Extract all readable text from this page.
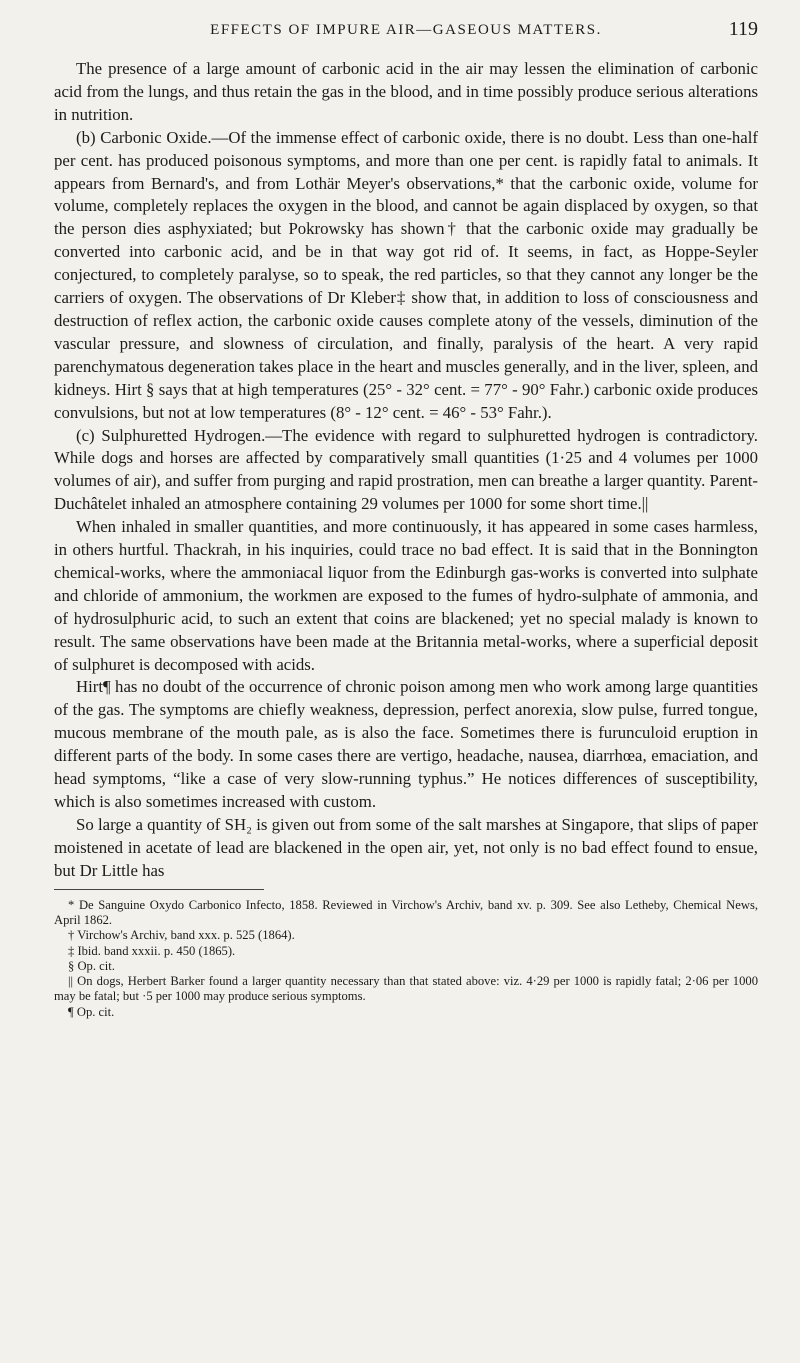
EFFECTS OF IMPURE AIR—GASEOUS MATTERS.	119

The presence of a large amount of carbonic acid in the air may lessen the elimination of carbonic acid from the lungs, and thus retain the gas in the blood, and in time possibly produce serious alterations in nutrition.

(b) Carbonic Oxide.—Of the immense effect of carbonic oxide, there is no doubt. Less than one-half per cent. has produced poisonous symptoms, and more than one per cent. is rapidly fatal to animals. It appears from Bernard's, and from Lothär Meyer's observations,* that the carbonic oxide, volume for volume, completely replaces the oxygen in the blood, and cannot be again displaced by oxygen, so that the person dies asphyxiated; but Pokrowsky has shown† that the carbonic oxide may gradually be converted into carbonic acid, and be in that way got rid of. It seems, in fact, as Hoppe-Seyler conjectured, to completely paralyse, so to speak, the red particles, so that they cannot any longer be the carriers of oxygen. The observations of Dr Kleber‡ show that, in addition to loss of consciousness and destruction of reflex action, the carbonic oxide causes complete atony of the vessels, diminution of the vascular pressure, and slowness of circulation, and finally, paralysis of the heart. A very rapid parenchymatous degeneration takes place in the heart and muscles generally, and in the liver, spleen, and kidneys. Hirt § says that at high temperatures (25° - 32° cent. = 77° - 90° Fahr.) carbonic oxide produces convulsions, but not at low temperatures (8° - 12° cent. = 46° - 53° Fahr.).

(c) Sulphuretted Hydrogen.—The evidence with regard to sulphuretted hydrogen is contradictory. While dogs and horses are affected by comparatively small quantities (1·25 and 4 volumes per 1000 volumes of air), and suffer from purging and rapid prostration, men can breathe a larger quantity. Parent-Duchâtelet inhaled an atmosphere containing 29 volumes per 1000 for some short time.||

When inhaled in smaller quantities, and more continuously, it has appeared in some cases harmless, in others hurtful. Thackrah, in his inquiries, could trace no bad effect. It is said that in the Bonnington chemical-works, where the ammoniacal liquor from the Edinburgh gas-works is converted into sulphate and chloride of ammonium, the workmen are exposed to the fumes of hydro-sulphate of ammonia, and of hydrosulphuric acid, to such an extent that coins are blackened; yet no special malady is known to result. The same observations have been made at the Britannia metal-works, where a superficial deposit of sulphuret is decomposed with acids.

Hirt¶ has no doubt of the occurrence of chronic poison among men who work among large quantities of the gas. The symptoms are chiefly weakness, depression, perfect anorexia, slow pulse, furred tongue, mucous membrane of the mouth pale, as is also the face. Sometimes there is furunculoid eruption in different parts of the body. In some cases there are vertigo, headache, nausea, diarrhœa, emaciation, and head symptoms, “like a case of very slow-running typhus.” He notices differences of susceptibility, which is also sometimes increased with custom.

So large a quantity of SH₂ is given out from some of the salt marshes at Singapore, that slips of paper moistened in acetate of lead are blackened in the open air, yet, not only is no bad effect found to ensue, but Dr Little has

* De Sanguine Oxydo Carbonico Infecto, 1858. Reviewed in Virchow's Archiv, band xv. p. 309. See also Letheby, Chemical News, April 1862.

† Virchow's Archiv, band xxx. p. 525 (1864).

‡ Ibid. band xxxii. p. 450 (1865).

§ Op. cit.

|| On dogs, Herbert Barker found a larger quantity necessary than that stated above: viz. 4·29 per 1000 is rapidly fatal; 2·06 per 1000 may be fatal; but ·5 per 1000 may produce serious symptoms.

¶ Op. cit.
